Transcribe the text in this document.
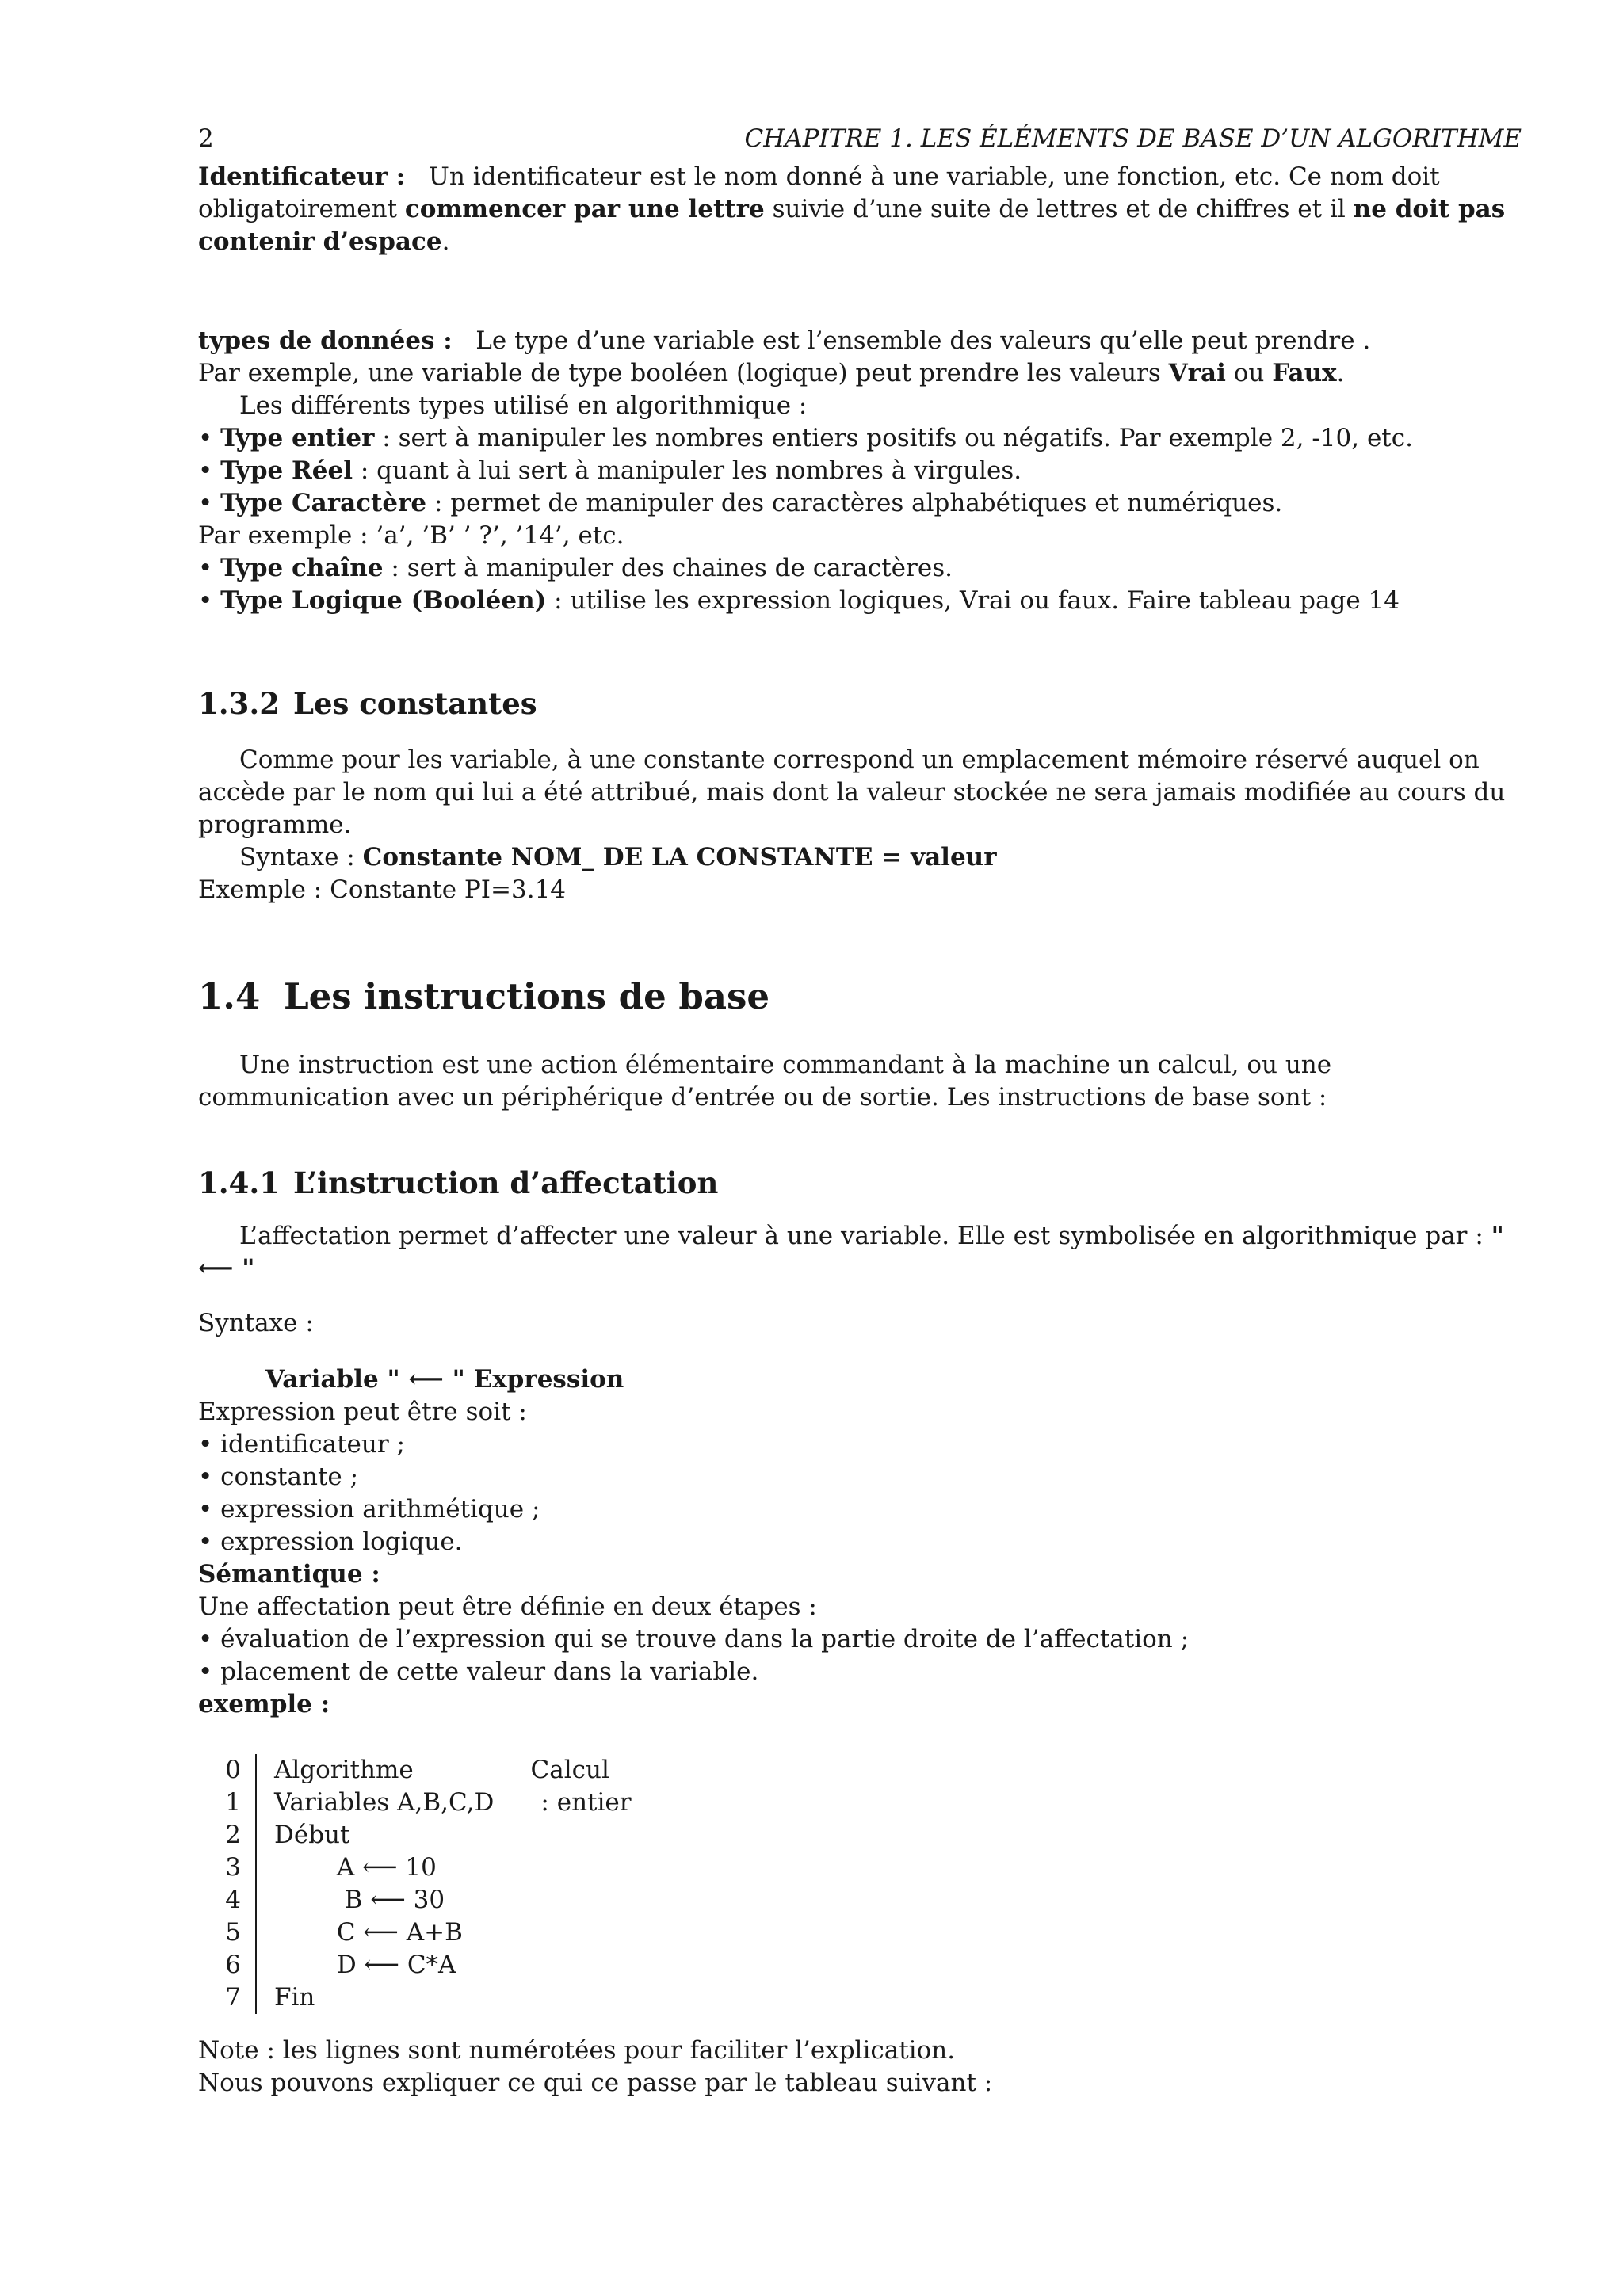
2	CHAPITRE 1. LES ÉLÉMENTS DE BASE D’UN ALGORITHME

Identificateur : Un identificateur est le nom donné à une variable, une fonction, etc. Ce nom doit obligatoirement commencer par une lettre suivie d’une suite de lettres et de chiffres et il ne doit pas contenir d’espace.

types de données : Le type d’une variable est l’ensemble des valeurs qu’elle peut prendre .
Par exemple, une variable de type booléen (logique) peut prendre les valeurs Vrai ou Faux.

Les différents types utilisé en algorithmique :

• Type entier : sert à manipuler les nombres entiers positifs ou négatifs. Par exemple 2, -10, etc.

• Type Réel : quant à lui sert à manipuler les nombres à virgules.

• Type Caractère : permet de manipuler des caractères alphabétiques et numériques.

Par exemple : ’a’, ’B’ ’ ?’, ’14’, etc.

• Type chaîne : sert à manipuler des chaines de caractères.

• Type Logique (Booléen) : utilise les expression logiques, Vrai ou faux. Faire tableau page 14

1.3.2 Les constantes

Comme pour les variable, à une constante correspond un emplacement mémoire réservé auquel on accède par le nom qui lui a été attribué, mais dont la valeur stockée ne sera jamais modifiée au cours du programme.

Syntaxe : Constante NOM_ DE LA CONSTANTE = valeur

Exemple : Constante PI=3.14

1.4 Les instructions de base

Une instruction est une action élémentaire commandant à la machine un calcul, ou une communication avec un périphérique d’entrée ou de sortie. Les instructions de base sont :

1.4.1 L’instruction d’affectation

L’affectation permet d’affecter une valeur à une variable. Elle est symbolisée en algorithmique par : " ⟵ "

Syntaxe :

Variable " ⟵ " Expression

Expression peut être soit :

• identificateur ;

• constante ;

• expression arithmétique ;

• expression logique.

Sémantique :

Une affectation peut être définie en deux étapes :

• évaluation de l’expression qui se trouve dans la partie droite de l’affectation ;

• placement de cette valeur dans la variable.

exemple :

0
1
2
3
4
5
6
7
Algorithme               Calcul
Variables A,B,C,D      : entier
Début
A ⟵ 10
B ⟵ 30
C ⟵ A+B
D ⟵ C*A
Fin

Note : les lignes sont numérotées pour faciliter l’explication.

Nous pouvons expliquer ce qui ce passe par le tableau suivant :
